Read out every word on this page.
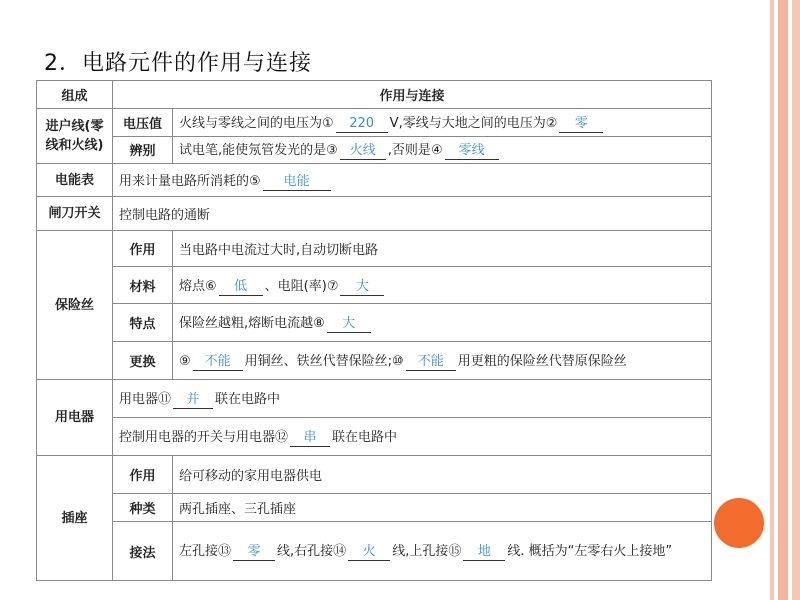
2．电路元件的作用与连接
组成	作用与连接	
进户线(零线和火线)	电压值	火线与零线之间的电压为① 220 V,零线与大地之间的电压为② 零
	辨别	试电笔,能使氖管发光的是③ 火线 ,否则是④ 零线
电能表	用来计量电路所消耗的⑤ 电能	
闸刀开关	控制电路的通断	
保险丝	作用	当电路中电流过大时,自动切断电路
	材料	熔点⑥ 低 、电阻(率)⑦ 大
	特点	保险丝越粗,熔断电流越⑧ 大
	更换	⑨ 不能 用铜丝、铁丝代替保险丝;⑩ 不能 用更粗的保险丝代替原保险丝
用电器	用电器⑪ 并 联在电路中	
	控制用电器的开关与用电器⑫ 串 联在电路中	
插座	作用	给可移动的家用电器供电
	种类	两孔插座、三孔插座
	接法	左孔接⑬ 零 线,右孔接⑭ 火 线,上孔接⑮ 地 线. 概括为“左零右火上接地”
